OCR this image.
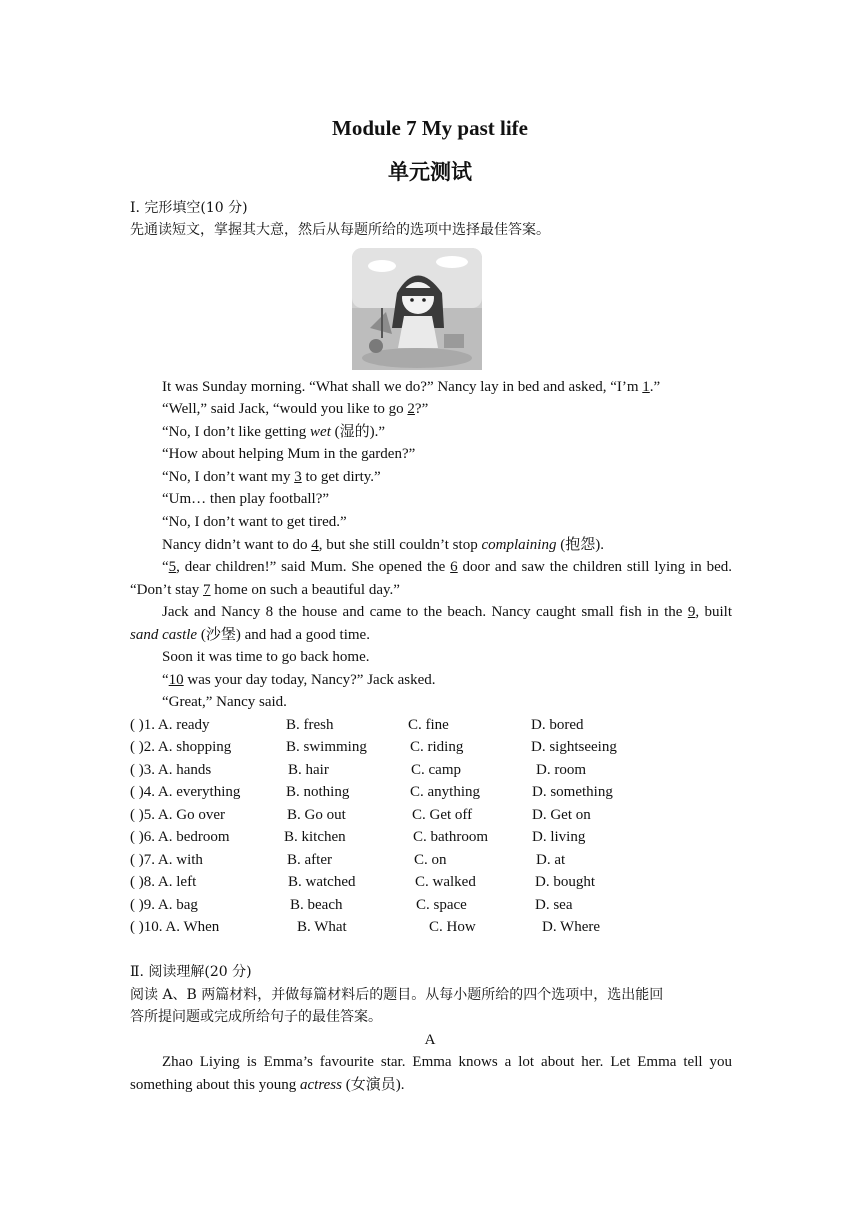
Module 7 My past life
单元测试
Ⅰ. 完形填空(10 分)
先通读短文，掌握其大意，然后从每题所给的选项中选择最佳答案。
It was Sunday morning. “What shall we do?” Nancy lay in bed and asked, “I’m 1.”
“Well,” said Jack, “would you like to go 2?”
“No, I don’t like getting wet (湿的).”
“How about helping Mum in the garden?”
“No, I don’t want my 3 to get dirty.”
“Um… then play football?”
“No, I don’t want to get tired.”
Nancy didn’t want to do 4, but she still couldn’t stop complaining (抱怨).
“5, dear children!” said Mum. She opened the 6 door and saw the children still lying in bed. “Don’t stay 7 home on such a beautiful day.”
Jack and Nancy 8 the house and came to the beach. Nancy caught small fish in the 9, built sand castle (沙堡) and had a good time.
Soon it was time to go back home.
“10 was your day today, Nancy?” Jack asked.
“Great,” Nancy said.
( )1. A. ready	B. fresh	C. fine	D. bored
( )2. A. shopping	B. swimming	C. riding	D. sightseeing
( )3. A. hands	B. hair	C. camp	D. room
( )4. A. everything	B. nothing	C. anything	D. something
( )5. A. Go over	B. Go out	C. Get off	D. Get on
( )6. A. bedroom	B. kitchen	C. bathroom	D. living
( )7. A. with	B. after	C. on	D. at
( )8. A. left	B. watched	C. walked	D. bought
( )9. A. bag	B. beach	C. space	D. sea
( )10. A. When	B. What	C. How	D. Where
Ⅱ. 阅读理解(20 分)
阅读 A、B 两篇材料，并做每篇材料后的题目。从每小题所给的四个选项中，选出能回
答所提问题或完成所给句子的最佳答案。
A
Zhao Liying is Emma’s favourite star. Emma knows a lot about her. Let Emma tell you something about this young actress (女演员).
